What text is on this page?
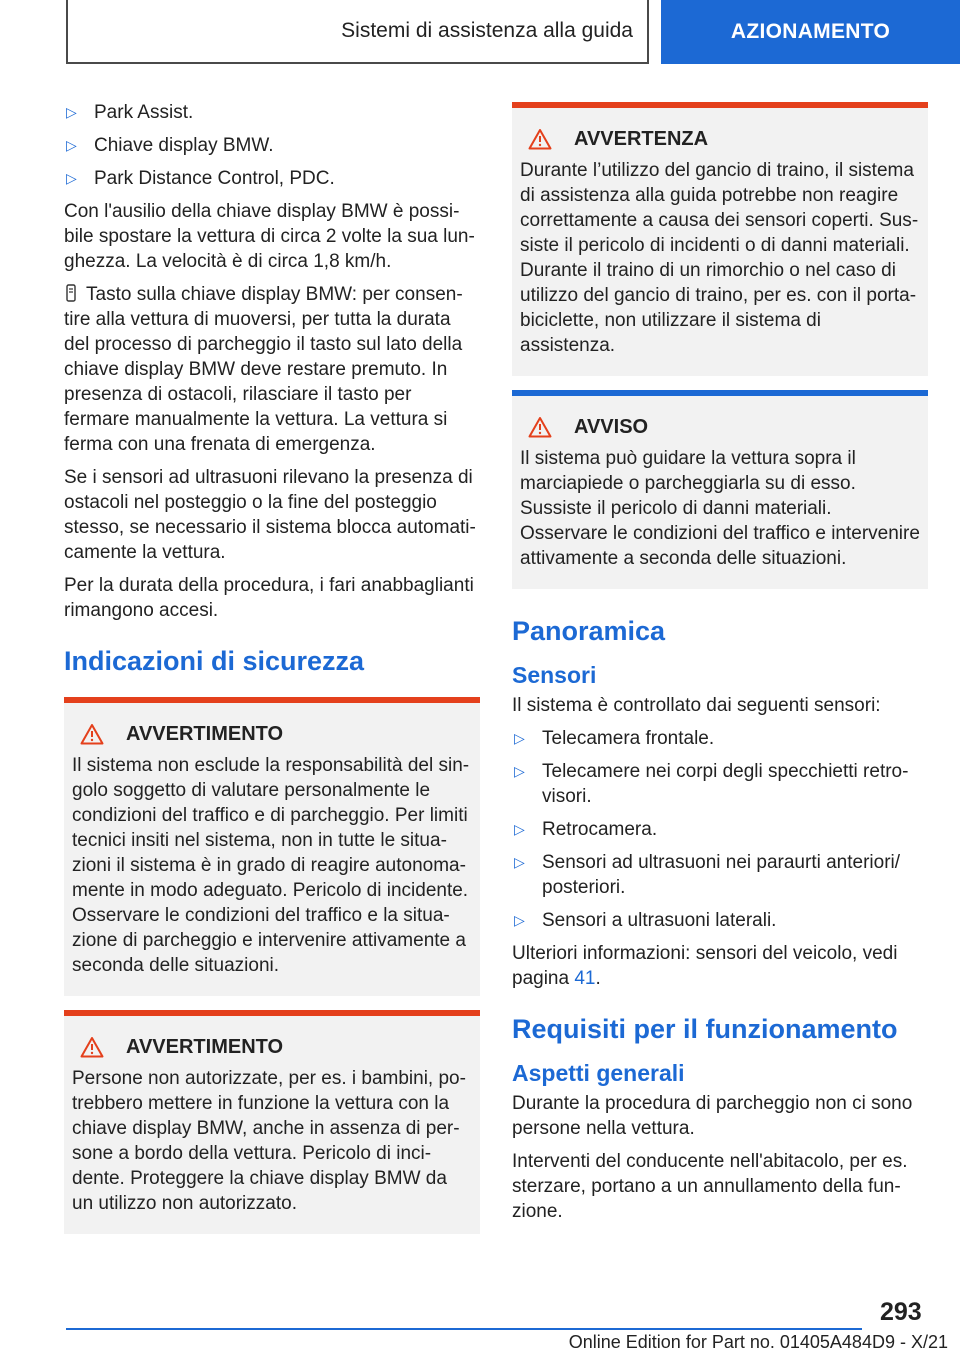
Sistemi di assistenza alla guida	AZIONAMENTO
▷ Park Assist.
▷ Chiave display BMW.
▷ Park Distance Control, PDC.

Con l'ausilio della chiave display BMW è possibile spostare la vettura di circa 2 volte la sua lunghezza. La velocità è di circa 1,8 km/h.

Tasto sulla chiave display BMW: per consentire alla vettura di muoversi, per tutta la durata del processo di parcheggio il tasto sul lato della chiave display BMW deve restare premuto. In presenza di ostacoli, rilasciare il tasto per fermare manualmente la vettura. La vettura si ferma con una frenata di emergenza.

Se i sensori ad ultrasuoni rilevano la presenza di ostacoli nel posteggio o la fine del posteggio stesso, se necessario il sistema blocca automaticamente la vettura.

Per la durata della procedura, i fari anabbaglianti rimangono accesi.

Indicazioni di sicurezza
AVVERTIMENTO
Il sistema non esclude la responsabilità del singolo soggetto di valutare personalmente le condizioni del traffico e di parcheggio. Per limiti tecnici insiti nel sistema, non in tutte le situazioni il sistema è in grado di reagire autonomamente in modo adeguato. Pericolo di incidente. Osservare le condizioni del traffico e la situazione di parcheggio e intervenire attivamente a seconda delle situazioni.
AVVERTIMENTO
Persone non autorizzate, per es. i bambini, potrebbero mettere in funzione la vettura con la chiave display BMW, anche in assenza di persone a bordo della vettura. Pericolo di incidente. Proteggere la chiave display BMW da un utilizzo non autorizzato.
AVVERTENZA
Durante l’utilizzo del gancio di traino, il sistema di assistenza alla guida potrebbe non reagire correttamente a causa dei sensori coperti. Sussiste il pericolo di incidenti o di danni materiali. Durante il traino di un rimorchio o nel caso di utilizzo del gancio di traino, per es. con il portabiciclette, non utilizzare il sistema di assistenza.
AVVISO
Il sistema può guidare la vettura sopra il marciapiede o parcheggiarla su di esso. Sussiste il pericolo di danni materiali. Osservare le condizioni del traffico e intervenire attivamente a seconda delle situazioni.
Panoramica
Sensori

Il sistema è controllato dai seguenti sensori:

▷ Telecamera frontale.
▷ Telecamere nei corpi degli specchietti retrovisori.
▷ Retrocamera.
▷ Sensori ad ultrasuoni nei paraurti anteriori/ posteriori.
▷ Sensori a ultrasuoni laterali.

Ulteriori informazioni: sensori del veicolo, vedi pagina 41.

Requisiti per il funzionamento
Aspetti generali

Durante la procedura di parcheggio non ci sono persone nella vettura.

Interventi del conducente nell'abitacolo, per es. sterzare, portano a un annullamento della funzione.

293
Online Edition for Part no. 01405A484D9 - X/21
